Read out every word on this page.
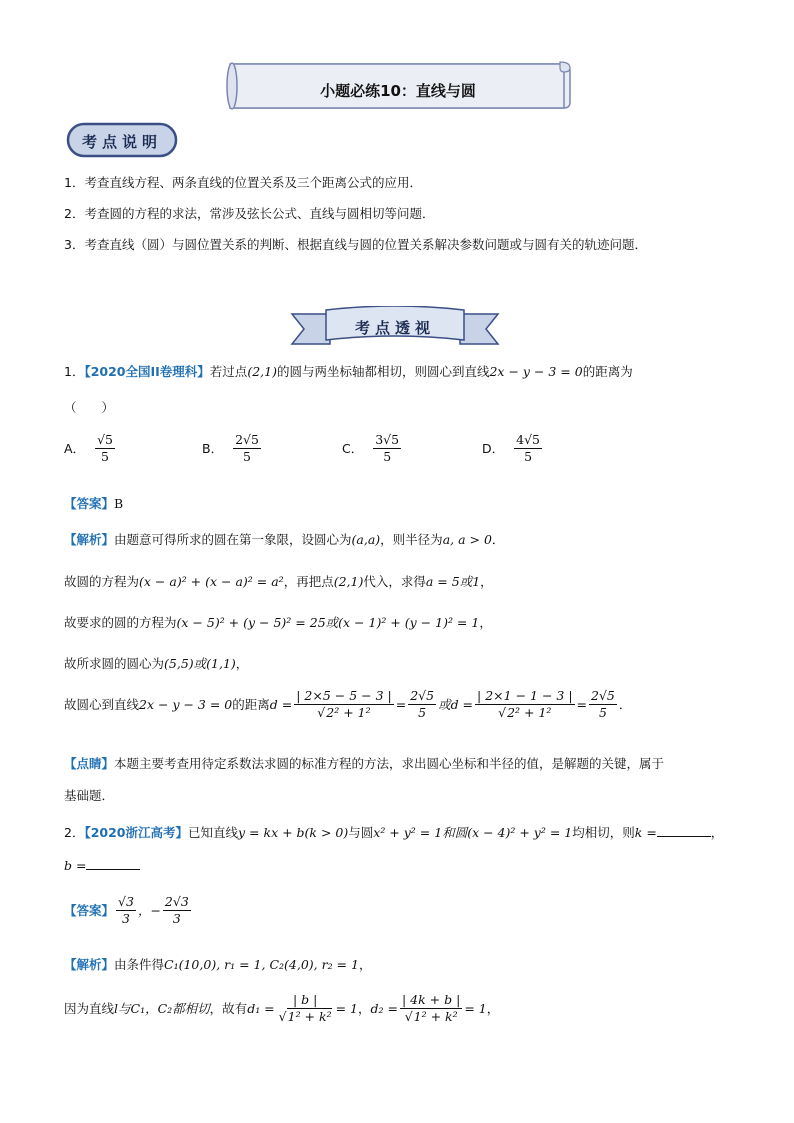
小题必练10：直线与圆
考点说明
1．考查直线方程、两条直线的位置关系及三个距离公式的应用．
2．考查圆的方程的求法，常涉及弦长公式、直线与圆相切等问题．
3．考查直线（圆）与圆位置关系的判断、根据直线与圆的位置关系解决参数问题或与圆有关的轨迹问题．
考点透视
1．【2020全国II卷理科】若过点(2,1)的圆与两坐标轴都相切，则圆心到直线2x − y − 3 = 0的距离为
（　　）
A． $\frac{√5}{5}$	B． $\frac{2√5}{5}$	C． $\frac{3√5}{5}$	D． $\frac{4√5}{5}$
【答案】B
【解析】由题意可得所求的圆在第一象限，设圆心为(a,a)，则半径为a, a > 0．
故圆的方程为(x − a)² + (x − a)² = a²，再把点(2,1)代入，求得a = 5或1，
故要求的圆的方程为(x − 5)² + (y − 5)² = 25或(x − 1)² + (y − 1)² = 1，
故所求圆的圆心为(5,5)或(1,1)，
故圆心到直线 2x − y − 3 = 0 的距离 $d = \frac{| 2\times 5 - 5 - 3 |}{\text{√2² + 1²}} = \frac{2√5}{5}$ 或$d = \frac{| 2\times 1 - 1 - 3 |}{\text{√2² + 1²}} = \frac{2√5}{5}$ ．
【点睛】本题主要考查用待定系数法求圆的标准方程的方法，求出圆心坐标和半径的值，是解题的关键，属于
基础题．
2．【2020浙江高考】已知直线y = kx + b(k > 0)与圆x² + y² = 1和圆(x − 4)² + y² = 1均相切，则k =	，
b =
【答案】 $\frac{√3}{3}$ ，− $\frac{2√3}{3}$
【解析】由条件得C₁(10,0), r₁ = 1, C₂(4,0), r₂ = 1，
因为直线 l与C₁，C₂都相切 ，故有 $d_1 = \frac{| b |}{\text{√1² + k²}} = 1$ ， $d_2 = \frac{| 4k + b |}{\text{√1² + k²}} = 1$ ，
